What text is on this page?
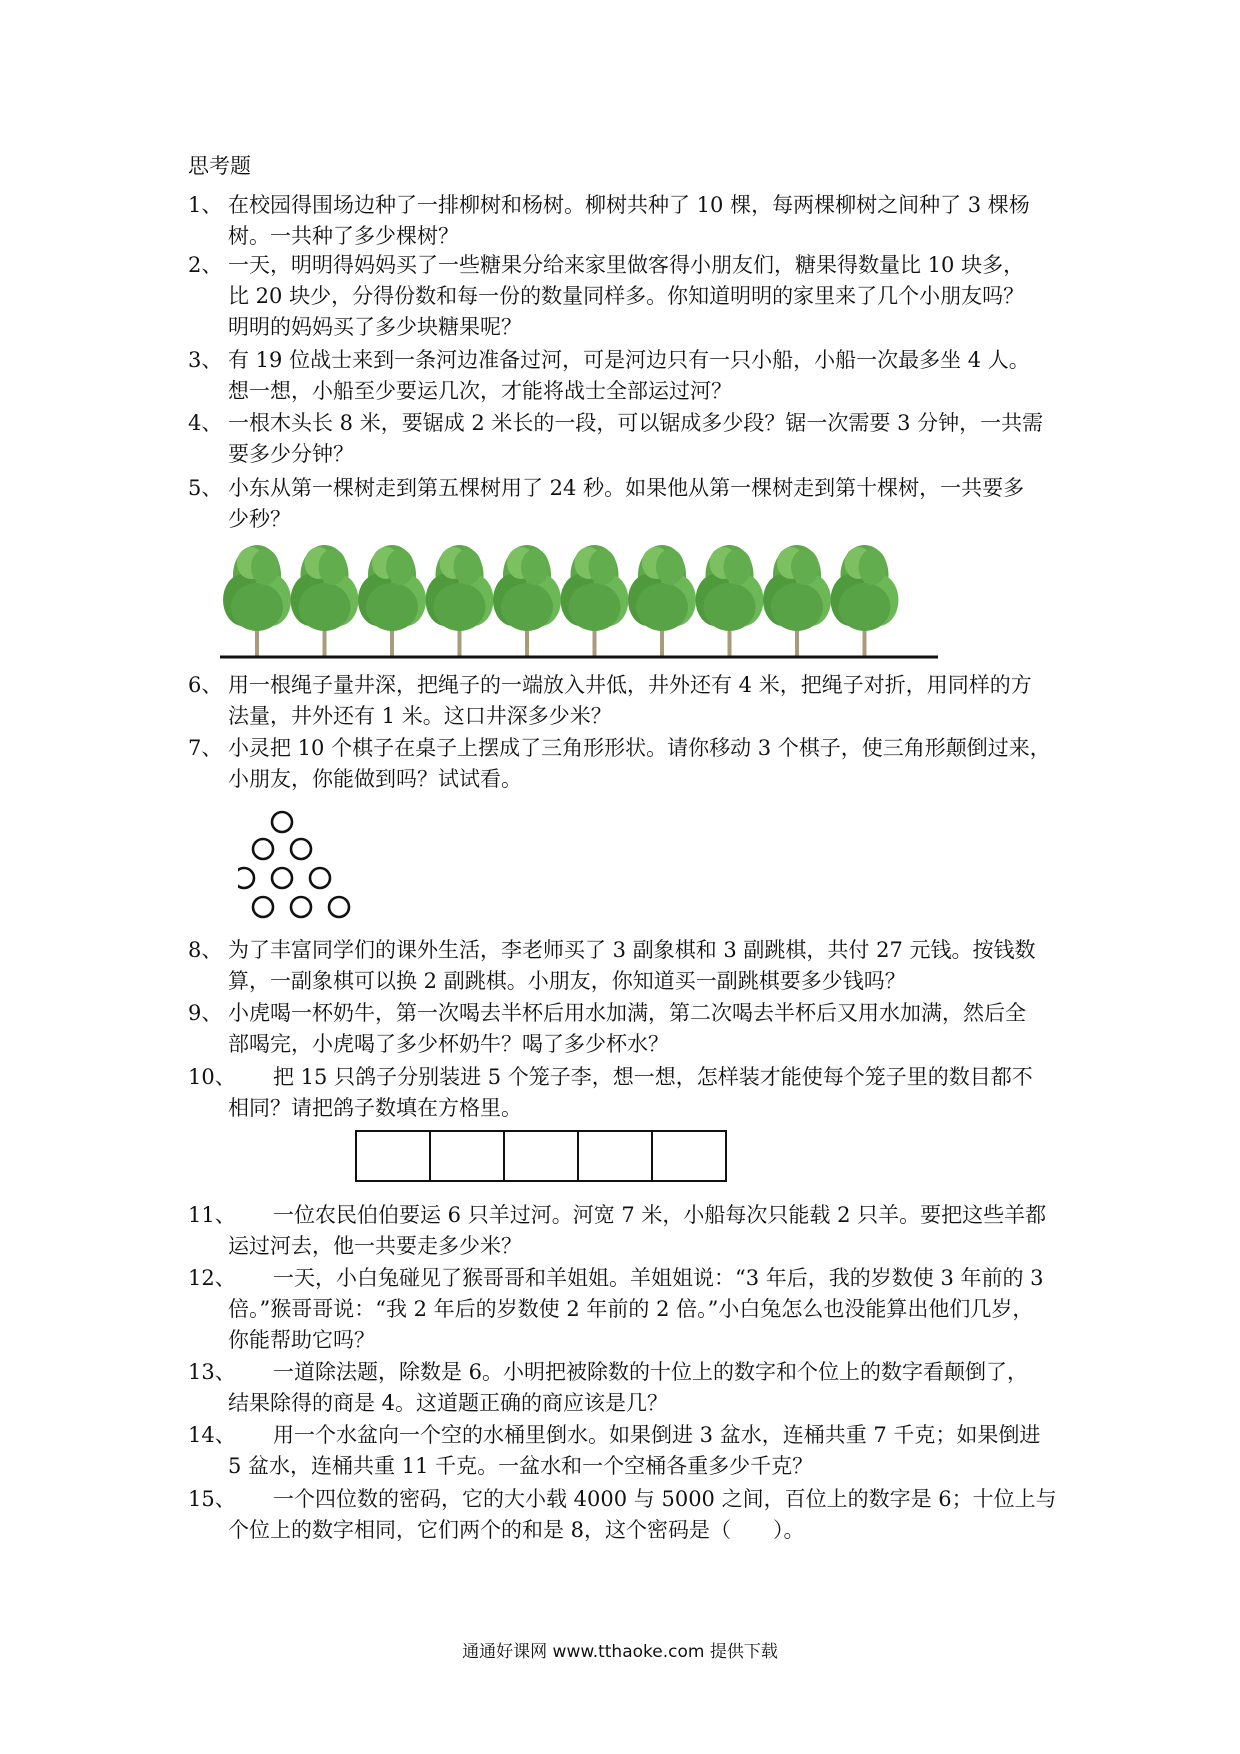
思考题
1、 在校园得围场边种了一排柳树和杨树。柳树共种了 10 棵，每两棵柳树之间种了 3 棵杨
树。一共种了多少棵树？
2、 一天，明明得妈妈买了一些糖果分给来家里做客得小朋友们，糖果得数量比 10 块多，
比 20 块少，分得份数和每一份的数量同样多。你知道明明的家里来了几个小朋友吗？
明明的妈妈买了多少块糖果呢？
3、 有 19 位战士来到一条河边准备过河，可是河边只有一只小船，小船一次最多坐 4 人。
想一想，小船至少要运几次，才能将战士全部运过河？
4、 一根木头长 8 米，要锯成 2 米长的一段，可以锯成多少段？锯一次需要 3 分钟，一共需
要多少分钟？
5、 小东从第一棵树走到第五棵树用了 24 秒。如果他从第一棵树走到第十棵树，一共要多
少秒？
6、 用一根绳子量井深，把绳子的一端放入井低，井外还有 4 米，把绳子对折，用同样的方
法量，井外还有 1 米。这口井深多少米？
7、 小灵把 10 个棋子在桌子上摆成了三角形形状。请你移动 3 个棋子，使三角形颠倒过来，
小朋友，你能做到吗？试试看。
8、 为了丰富同学们的课外生活，李老师买了 3 副象棋和 3 副跳棋，共付 27 元钱。按钱数
算，一副象棋可以换 2 副跳棋。小朋友，你知道买一副跳棋要多少钱吗？
9、 小虎喝一杯奶牛，第一次喝去半杯后用水加满，第二次喝去半杯后又用水加满，然后全
部喝完，小虎喝了多少杯奶牛？喝了多少杯水？
10、 把 15 只鸽子分别装进 5 个笼子李，想一想，怎样装才能使每个笼子里的数目都不
相同？请把鸽子数填在方格里。
11、 一位农民伯伯要运 6 只羊过河。河宽 7 米，小船每次只能载 2 只羊。要把这些羊都
运过河去，他一共要走多少米？
12、 一天，小白兔碰见了猴哥哥和羊姐姐。羊姐姐说：“3 年后，我的岁数使 3 年前的 3
倍。”猴哥哥说：“我 2 年后的岁数使 2 年前的 2 倍。”小白兔怎么也没能算出他们几岁，
你能帮助它吗？
13、 一道除法题，除数是 6。小明把被除数的十位上的数字和个位上的数字看颠倒了，
结果除得的商是 4。这道题正确的商应该是几？
14、 用一个水盆向一个空的水桶里倒水。如果倒进 3 盆水，连桶共重 7 千克；如果倒进
5 盆水，连桶共重 11 千克。一盆水和一个空桶各重多少千克？
15、 一个四位数的密码，它的大小载 4000 与 5000 之间，百位上的数字是 6；十位上与
个位上的数字相同，它们两个的和是 8，这个密码是（　　）。
通通好课网 www.tthaoke.com 提供下载
